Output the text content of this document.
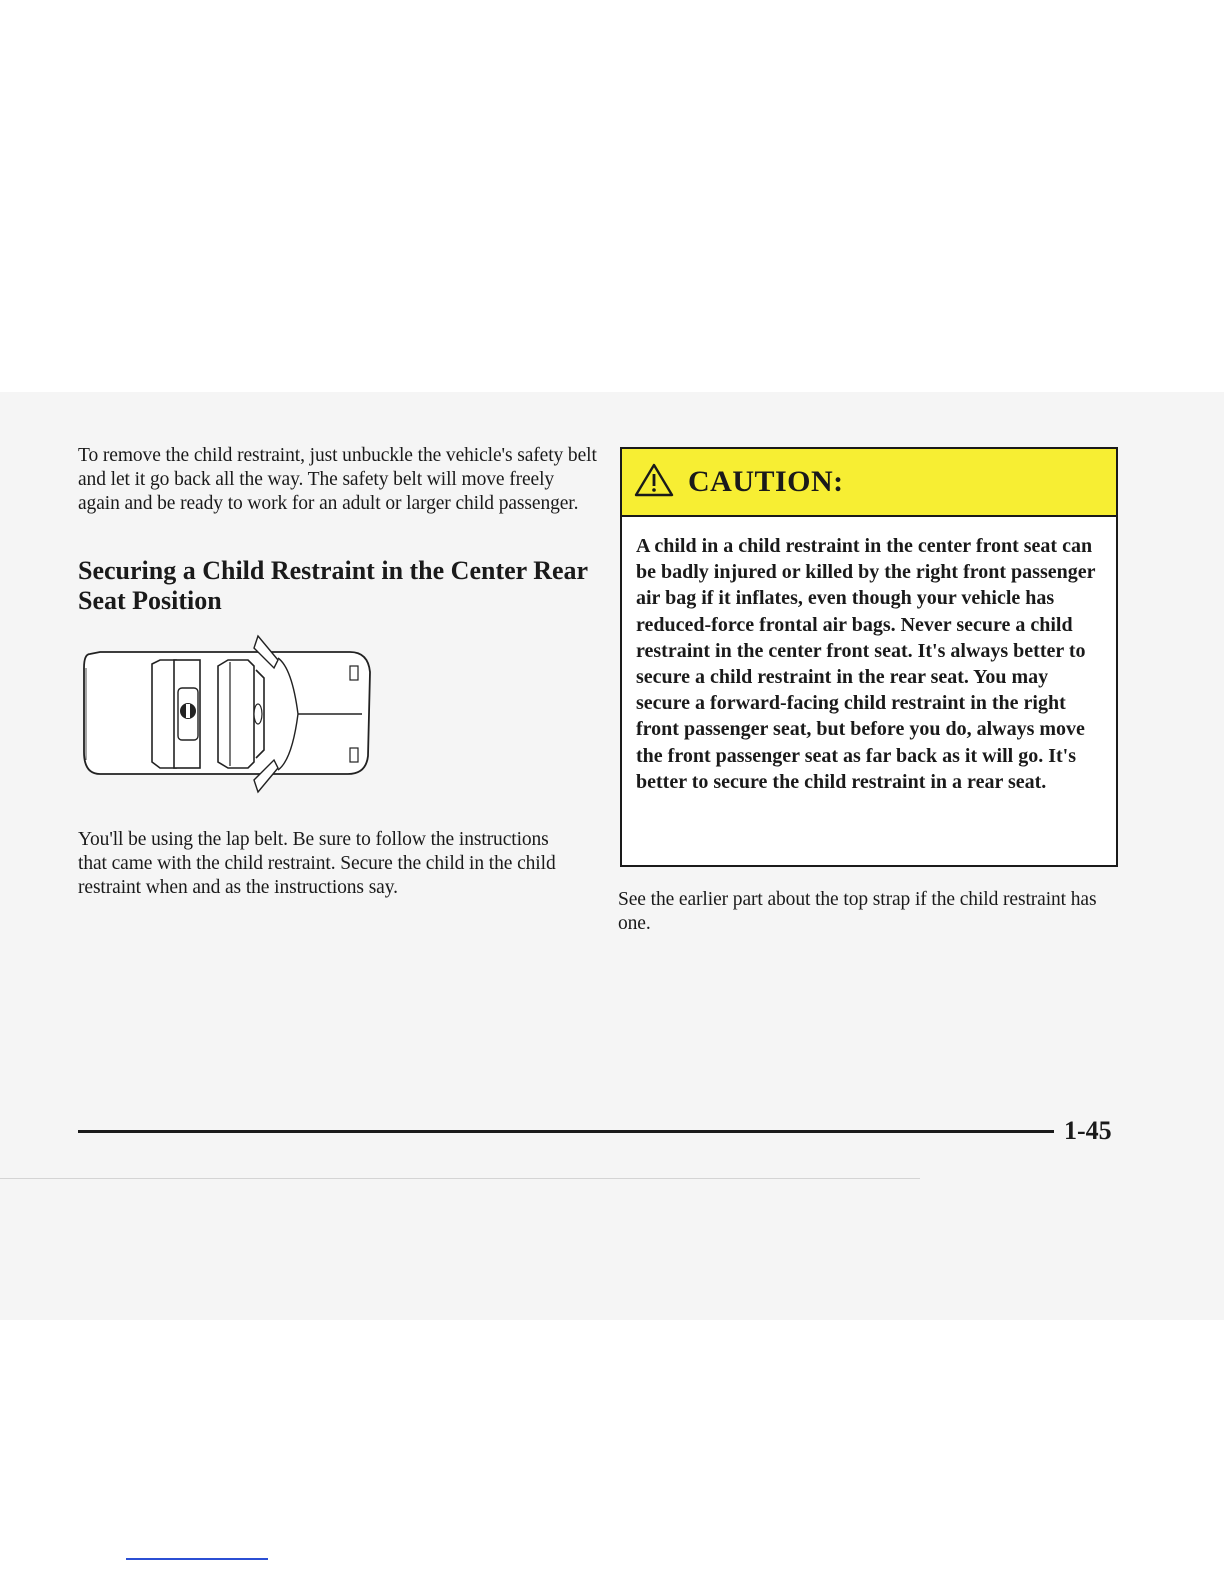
To remove the child restraint, just unbuckle the vehicle's safety belt and let it go back all the way. The safety belt will move freely again and be ready to work for an adult or larger child passenger.

Securing a Child Restraint in the Center Rear Seat Position

You'll be using the lap belt. Be sure to follow the instructions that came with the child restraint. Secure the child in the child restraint when and as the instructions say.

CAUTION:
A child in a child restraint in the center front seat can be badly injured or killed by the right front passenger air bag if it inflates, even though your vehicle has reduced-force frontal air bags. Never secure a child restraint in the center front seat. It's always better to secure a child restraint in the rear seat. You may secure a forward-facing child restraint in the right front passenger seat, but before you do, always move the front passenger seat as far back as it will go. It's better to secure the child restraint in a rear seat.

See the earlier part about the top strap if the child restraint has one.

1-45
